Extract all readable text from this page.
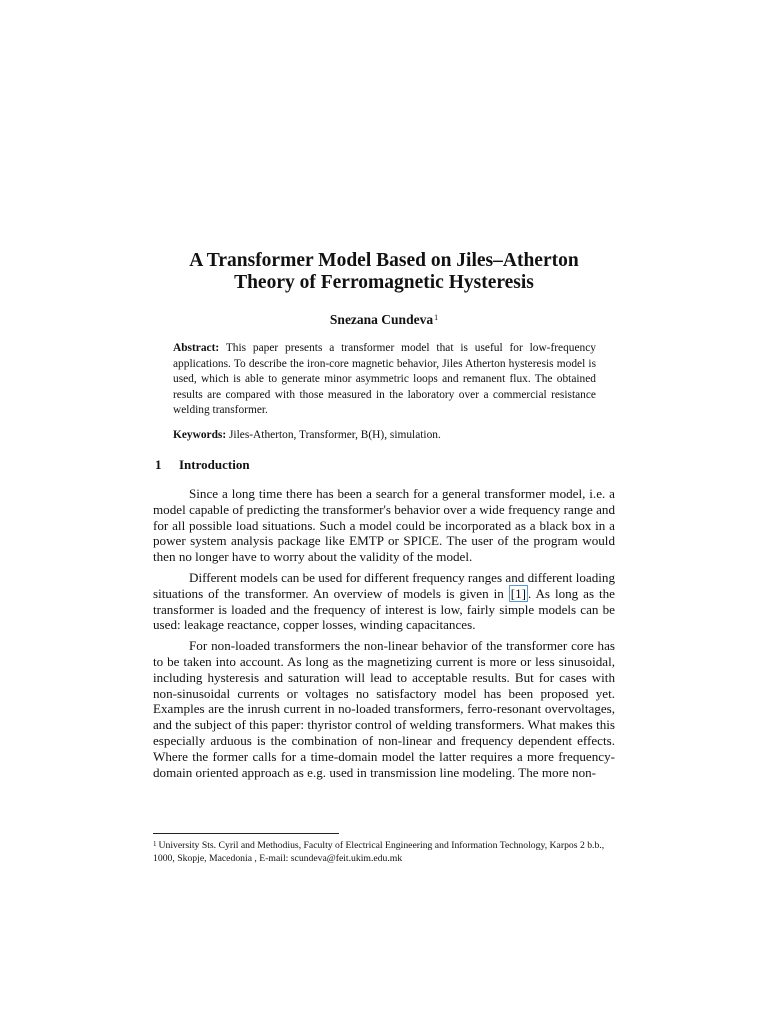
A Transformer Model Based on Jiles–Atherton
Theory of Ferromagnetic Hysteresis
Snezana Cundeva$^1$
Abstract: This paper presents a transformer model that is useful for low-frequency applications. To describe the iron-core magnetic behavior, Jiles Atherton hysteresis model is used, which is able to generate minor asymmetric loops and remanent flux. The obtained results are compared with those measured in the laboratory over a commercial resistance welding transformer.
Keywords: Jiles-Atherton, Transformer, B(H), simulation.
1 Introduction

Since a long time there has been a search for a general transformer model, i.e. a model capable of predicting the transformer's behavior over a wide frequency range and for all possible load situations. Such a model could be incorporated as a black box in a power system analysis package like EMTP or SPICE. The user of the program would then no longer have to worry about the validity of the model.

Different models can be used for different frequency ranges and different loading situations of the transformer. An overview of models is given in [1] . As long as the transformer is loaded and the frequency of interest is low, fairly simple models can be used: leakage reactance, copper losses, winding capacitances.

For non-loaded transformers the non-linear behavior of the transformer core has to be taken into account. As long as the magnetizing current is more or less sinusoidal, including hysteresis and saturation will lead to acceptable results. But for cases with non-sinusoidal currents or voltages no satisfactory model has been proposed yet. Examples are the inrush current in no-loaded transformers, ferro-resonant overvoltages, and the subject of this paper: thyristor control of welding transformers. What makes this especially arduous is the combination of non-linear and frequency dependent effects. Where the former calls for a time-domain model the latter requires a more frequency-domain oriented approach as e.g. used in transmission line modeling. The more non-

$^1$ University Sts. Cyril and Methodius, Faculty of Electrical Engineering and Information Technology, Karpos 2 b.b., 1000, Skopje, Macedonia , E-mail: scundeva@feit.ukim.edu.mk
